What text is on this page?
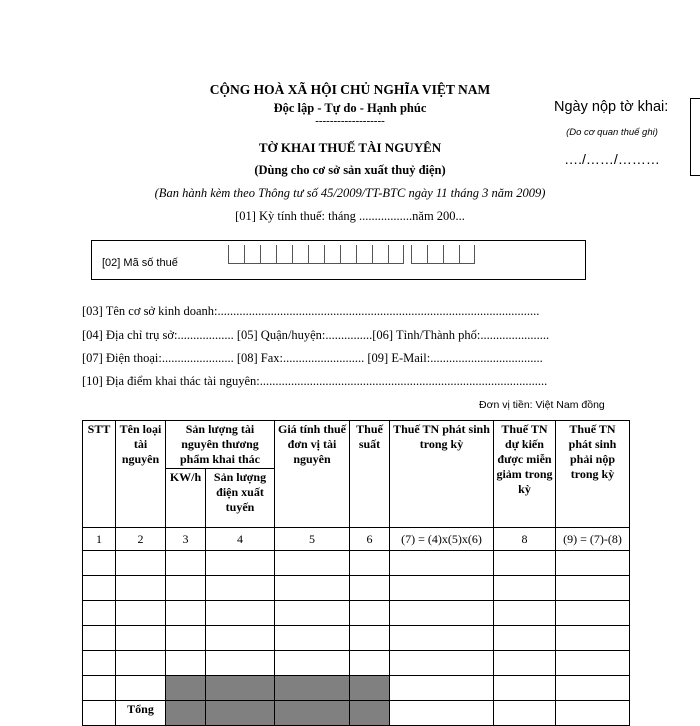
CỘNG HOÀ XÃ HỘI CHỦ NGHĨA VIỆT NAM
Độc lập - Tự do - Hạnh phúc
-------------------
Ngày nộp tờ khai:
(Do cơ quan thuế ghi)
…./……/………
TỜ KHAI THUẾ TÀI NGUYÊN
(Dùng cho cơ sở sản xuất thuỷ điện)
(Ban hành kèm theo Thông tư số 45/2009/TT-BTC ngày 11 tháng 3 năm 2009)
[01] Kỳ tính thuế: tháng .................năm 200...
[02] Mã số thuế
[03] Tên cơ sở kinh doanh:.......................................................................................................
[04] Địa chỉ trụ sở:.................. [05] Quận/huyện:...............[06] Tỉnh/Thành phố:......................
[07] Điện thoại:....................... [08] Fax:.......................... [09] E-Mail:....................................
[10] Địa điểm khai thác tài nguyên:............................................................................................
Đơn vị tiền: Việt Nam đồng
STT	Tên loại tài nguyên	Sản lượng tài nguyên thương phẩm khai thác		Giá tính thuế đơn vị tài nguyên	Thuế suất	Thuế TN phát sinh trong kỳ	Thuế TN dự kiến được miễn giảm trong kỳ	Thuế TN phát sinh phải nộp trong kỳ
		KW/h	Sản lượng điện xuất tuyến					
1	2	3	4	5	6	(7) = (4)x(5)x(6)	8	(9) = (7)-(8)

	Tổng							
